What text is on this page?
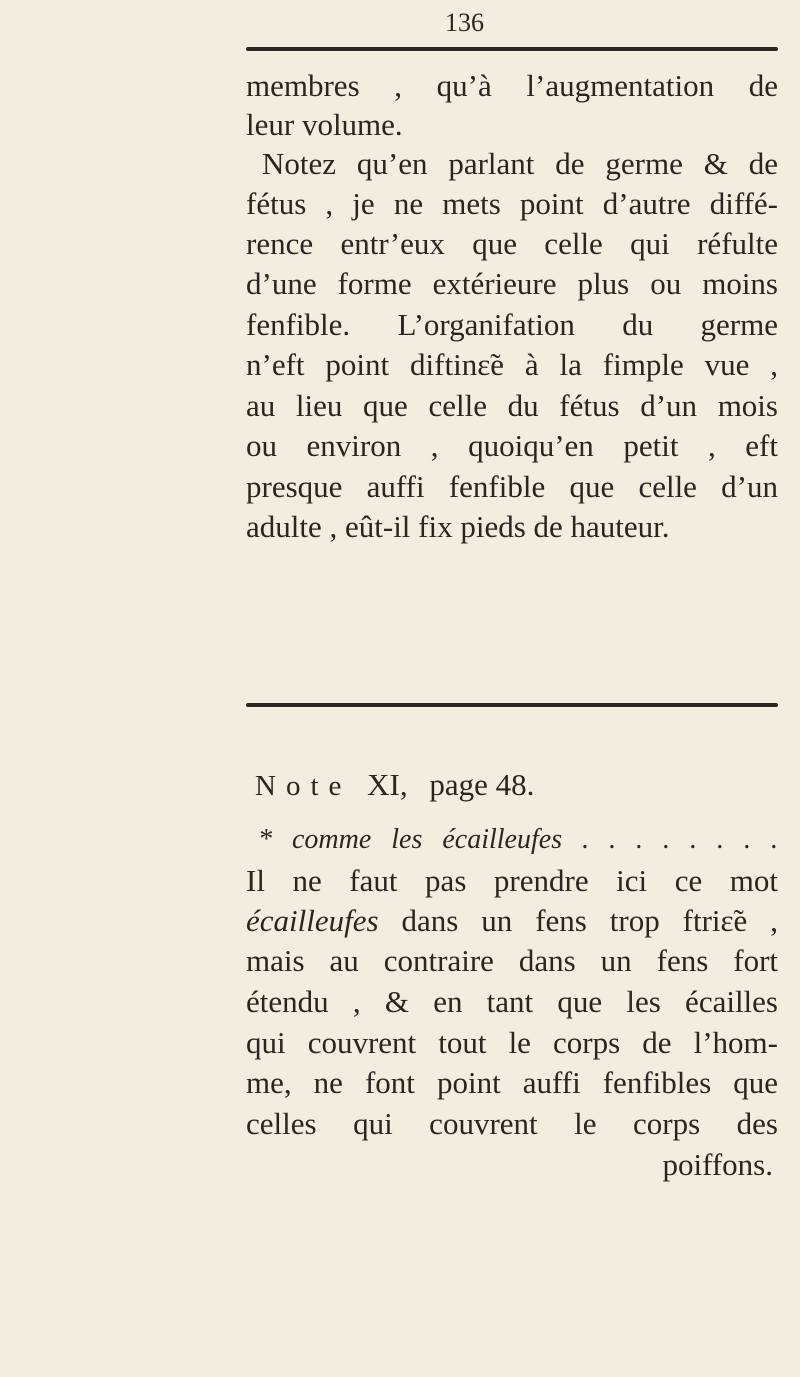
136
membres , qu’à l’augmentation de
leur volume.
Notez qu’en parlant de germe & de
fétus , je ne mets point d’autre diffé-
rence entr’eux que celle qui réfulte
d’une forme extérieure plus ou moins
fenfible. L’organifation du germe
n’eft point diftinɛ̃e à la fimple vue ,
au lieu que celle du fétus d’un mois
ou environ , quoiqu’en petit , eft
presque auffi fenfible que celle d’un
adulte , eût-il fix pieds de hauteur.
Note XI, page 48.
* comme les écailleufes . . . . . . . .
Il ne faut pas prendre ici ce mot
écailleufes dans un fens trop ftriɛ̃e ,
mais au contraire dans un fens fort
étendu , & en tant que les écailles
qui couvrent tout le corps de l’hom-
me, ne font point auffi fenfibles que
celles qui couvrent le corps des
poiffons.
